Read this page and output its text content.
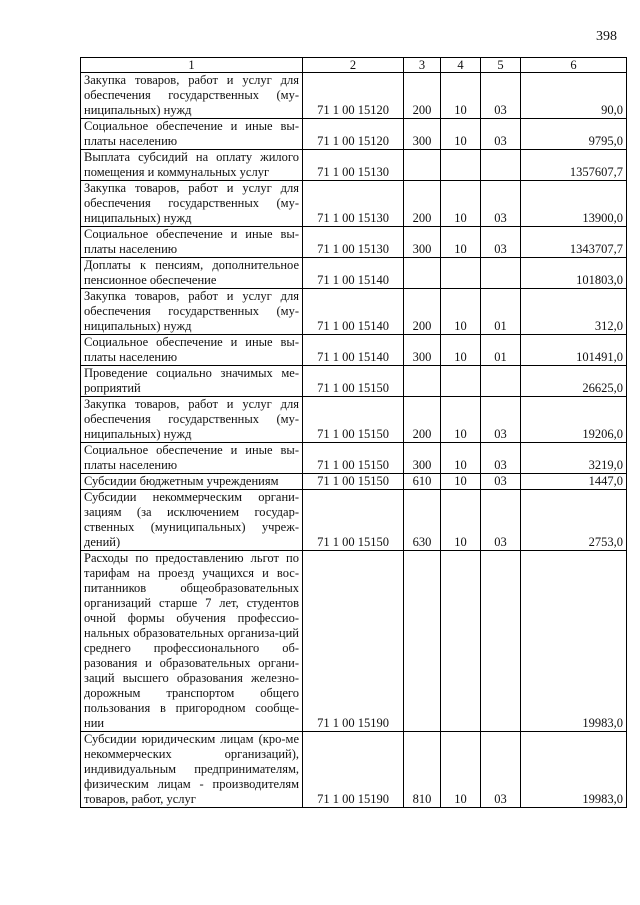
398
1	2	3	4	5	6
Закупка товаров, работ и услуг для обеспечения государственных (му-ниципальных) нужд	71 1 00 15120	200	10	03	90,0
Социальное обеспечение и иные вы-платы населению	71 1 00 15120	300	10	03	9795,0
Выплата субсидий на оплату жилого помещения и коммунальных услуг	71 1 00 15130				1357607,7
Закупка товаров, работ и услуг для обеспечения государственных (му-ниципальных) нужд	71 1 00 15130	200	10	03	13900,0
Социальное обеспечение и иные вы-платы населению	71 1 00 15130	300	10	03	1343707,7
Доплаты к пенсиям, дополнительное пенсионное обеспечение	71 1 00 15140				101803,0
Закупка товаров, работ и услуг для обеспечения государственных (му-ниципальных) нужд	71 1 00 15140	200	10	01	312,0
Социальное обеспечение и иные вы-платы населению	71 1 00 15140	300	10	01	101491,0
Проведение социально значимых ме-роприятий	71 1 00 15150				26625,0
Закупка товаров, работ и услуг для обеспечения государственных (му-ниципальных) нужд	71 1 00 15150	200	10	03	19206,0
Социальное обеспечение и иные вы-платы населению	71 1 00 15150	300	10	03	3219,0
Субсидии бюджетным учреждениям	71 1 00 15150	610	10	03	1447,0
Субсидии некоммерческим органи-зациям (за исключением государ-ственных (муниципальных) учреж-дений)	71 1 00 15150	630	10	03	2753,0
Расходы по предоставлению льгот по тарифам на проезд учащихся и вос-питанников общеобразовательных организаций старше 7 лет, студентов очной формы обучения профессио-нальных образовательных организа-ций среднего профессионального об-разования и образовательных органи-заций высшего образования железно-дорожным транспортом общего пользования в пригородном сообще-нии	71 1 00 15190				19983,0
Субсидии юридическим лицам (кро-ме некоммерческих организаций), индивидуальным предпринимателям, физическим лицам - производителям товаров, работ, услуг	71 1 00 15190	810	10	03	19983,0
